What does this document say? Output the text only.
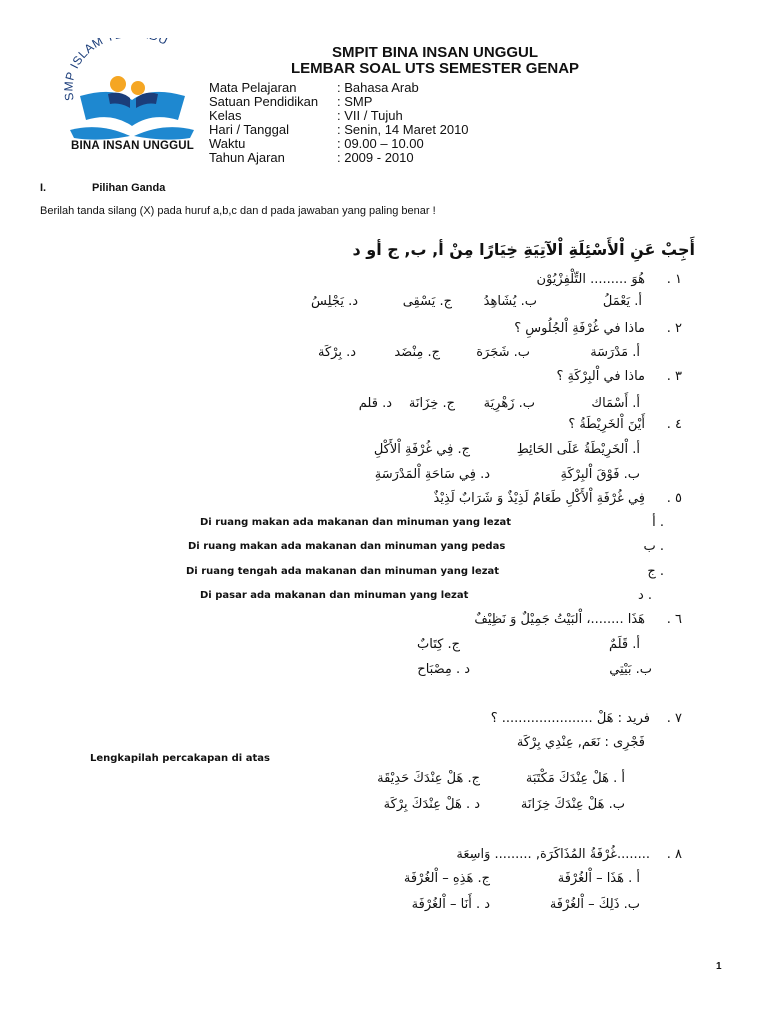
SMP ISLAM U
BINA INSAN UNGGUL
SMPIT BINA INSAN UNGGUL
LEMBAR SOAL UTS SEMESTER GENAP
Mata Pelajaran	: Bahasa Arab
Satuan Pendidikan : SMP
Kelas	: VII / Tujuh
Hari / Tanggal	: Senin, 14 Maret 2010
Waktu	: 09.00 – 10.00
Tahun Ajaran	: 2009 - 2010
I.	Pilihan Ganda
Berilah tanda silang (X) pada huruf a,b,c dan d pada jawaban yang paling benar !
أَجِبْ عَنِ اْلأَسْئِلَةِ اْلآتِيَةِ خِيَارًا مِنْ أ, ب, ج أو د
١ .
هُوَ ......... التِّلْفِزْيُوْن
أ. يَعْمَلُ
ب. يُشَاهِدُ
ج. يَسْقِى
د. يَجْلِسُ
٢ .
ماذا في غُرْفَةِ اْلجُلُوسِ ؟
أ. مَدْرَسَة
ب. شَجَرَة
ج. مِنْضَد
د. بِرْكَة
٣ .
ماذا في اْلبِرْكَةِ ؟
أ. أَسْمَاك
ب. زَهْرِيَة
ج. خِزَانَة
د. قلم
٤ .
أَيْنَ اْلخَرِيْطَةُ ؟
أ. اْلخَرِيْطَةُ عَلَى الحَائِطِ
ج. فِي غُرْفَةِ اْلأَكْلِ
ب. فَوْقَ اْلبِرْكَةِ
د. فِي سَاحَةِ اْلمَدْرَسَةِ
٥ .
فِي غُرْفَةِ اْلأَكْلِ طَعَامٌ لَذِيْذٌ وَ شَرَابٌ لَذِيْذٌ
Di ruang makan ada makanan dan minuman yang lezat	. أ
Di ruang makan ada makanan dan minuman yang pedas	. ب
Di ruang tengah ada makanan dan minuman yang lezat	. ج
Di pasar ada makanan dan minuman yang lezat	. د
٦ .
هَذَا ........، اْلبَيْتُ جَمِيْلٌ وَ نَظِيْفٌ
أ. قَلَمٌ
ج. كِتَابٌ
ب. بَيْتِي
د . مِصْبَاح
٧ .
فريد : هَلْ ...................... ؟
فَجْرِى : نَعَم, عِنْدِي بِرْكَة
Lengkapilah percakapan di atas
أ . هَلْ عِنْدَكَ مَكْتَبَة
ج. هَلْ عِنْدَكَ حَدِيْقَة
ب. هَلْ عِنْدَكَ خِزَانَة
د . هَلْ عِنْدَكَ بِرْكَة
٨ .
........غُرْفَةُ المُذَاكَرَة, ......... وَاسِعَة
أ . هَذَا – اْلغُرْفَة
ج. هَذِهِ – اْلغُرْفَة
ب. ذَلِكَ – اْلغُرْفَة
د . أَنَا – اْلغُرْفَة
1
